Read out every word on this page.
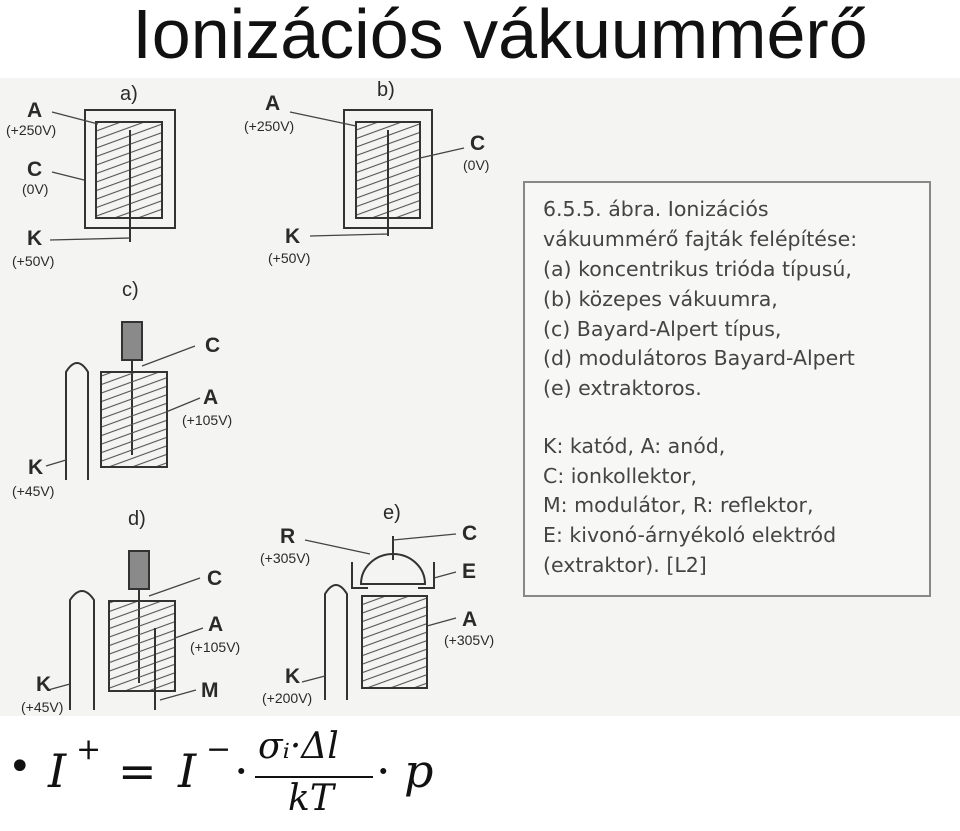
Ionizációs vákuummérő
a)
A
(+250V)
C
(0V)
K
(+50V)
b)
A
(+250V)
C
(0V)
K
(+50V)
c)
C
A
(+105V)
K
(+45V)
d)
C
A
(+105V)
M
K
(+45V)
e)
R
(+305V)
C
E
A
(+305V)
K
(+200V)
6.5.5. ábra. Ionizációs
vákuummérő fajták felépítése:
(a) koncentrikus trióda típusú,
(b) közepes vákuumra,
(c) Bayard-Alpert típus,
(d) modulátoros Bayard-Alpert
(e) extraktoros.
K: katód, A: anód,
C: ionkollektor,
M: modulátor, R: reflektor,
E: kivonó-árnyékoló elektród
(extraktor). [L2]
• I + = I − · σᵢ·Δl
kT
· p
